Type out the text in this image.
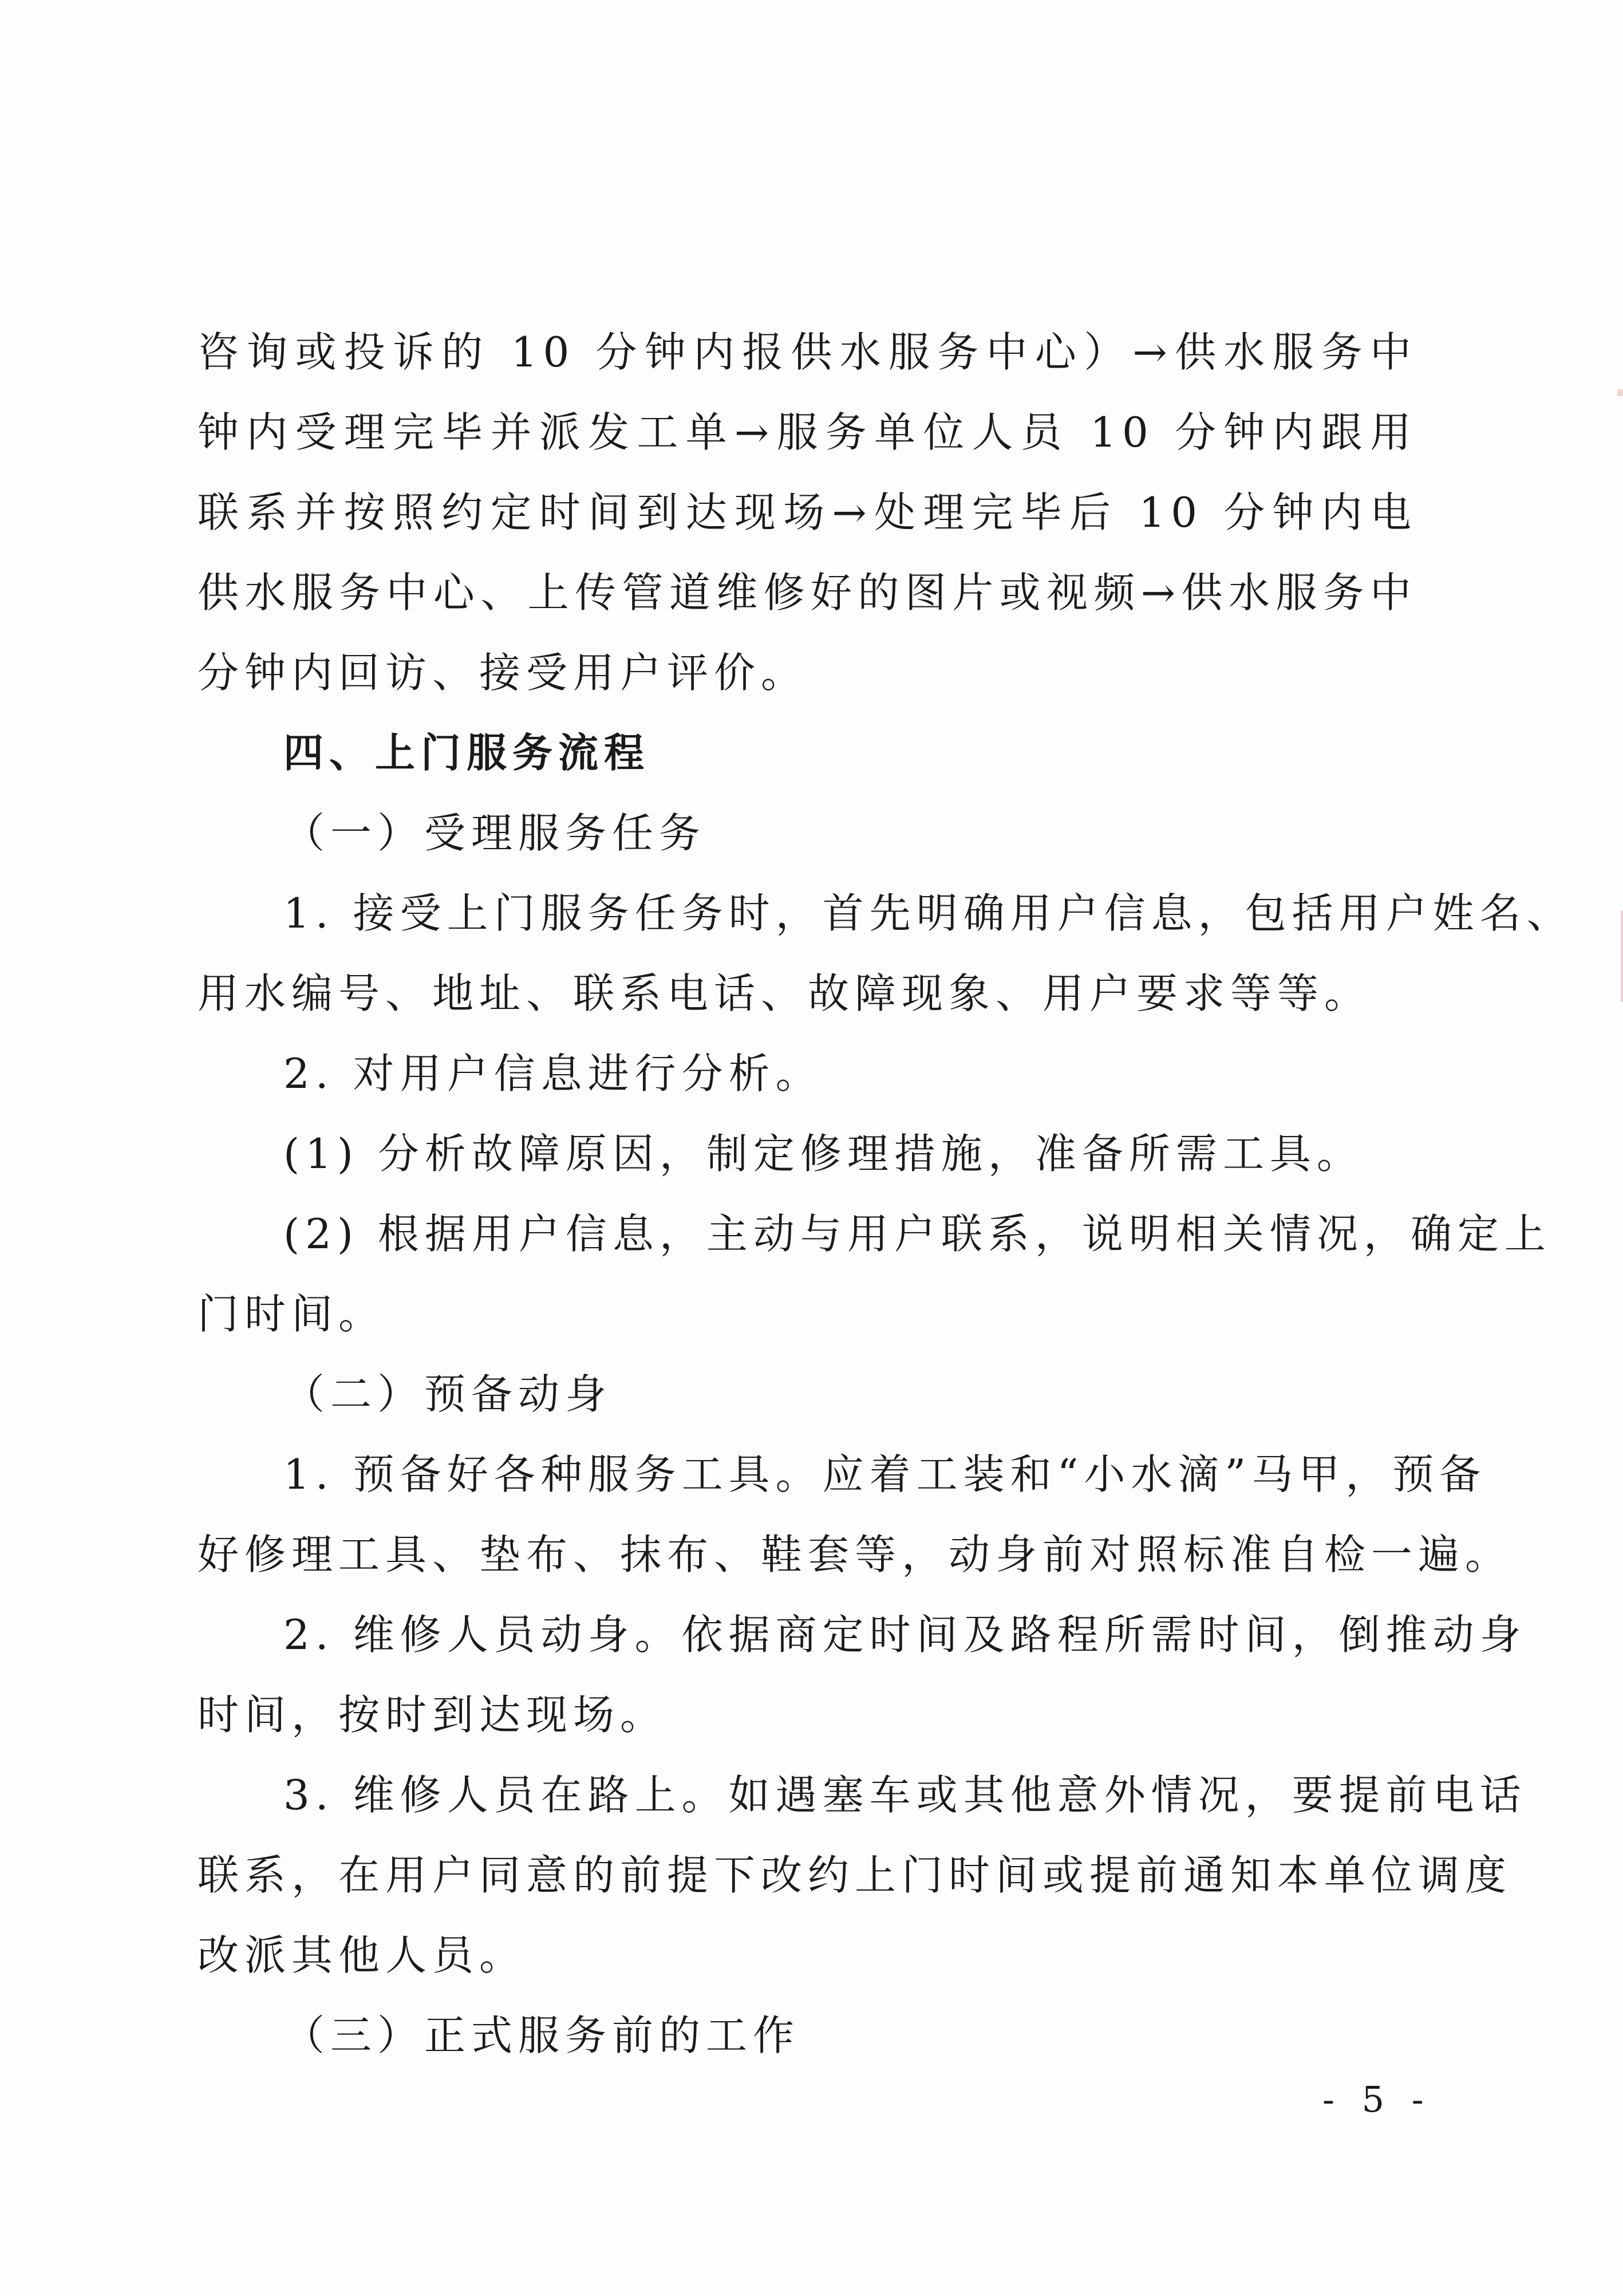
咨询或投诉的 10 分钟内报供水服务中心）→供水服务中
钟内受理完毕并派发工单→服务单位人员 10 分钟内跟用
联系并按照约定时间到达现场→处理完毕后 10 分钟内电
供水服务中心、上传管道维修好的图片或视频→供水服务中
分钟内回访、接受用户评价。
四、上门服务流程
（一）受理服务任务
1. 接受上门服务任务时，首先明确用户信息，包括用户姓名、
用水编号、地址、联系电话、故障现象、用户要求等等。
2. 对用户信息进行分析。
(1) 分析故障原因，制定修理措施，准备所需工具。
(2) 根据用户信息，主动与用户联系，说明相关情况，确定上
门时间。
（二）预备动身
1. 预备好各种服务工具。应着工装和“小水滴”马甲，预备
好修理工具、垫布、抹布、鞋套等，动身前对照标准自检一遍。
2. 维修人员动身。依据商定时间及路程所需时间，倒推动身
时间，按时到达现场。
3. 维修人员在路上。如遇塞车或其他意外情况，要提前电话
联系，在用户同意的前提下改约上门时间或提前通知本单位调度
改派其他人员。
（三）正式服务前的工作
- 5 -
